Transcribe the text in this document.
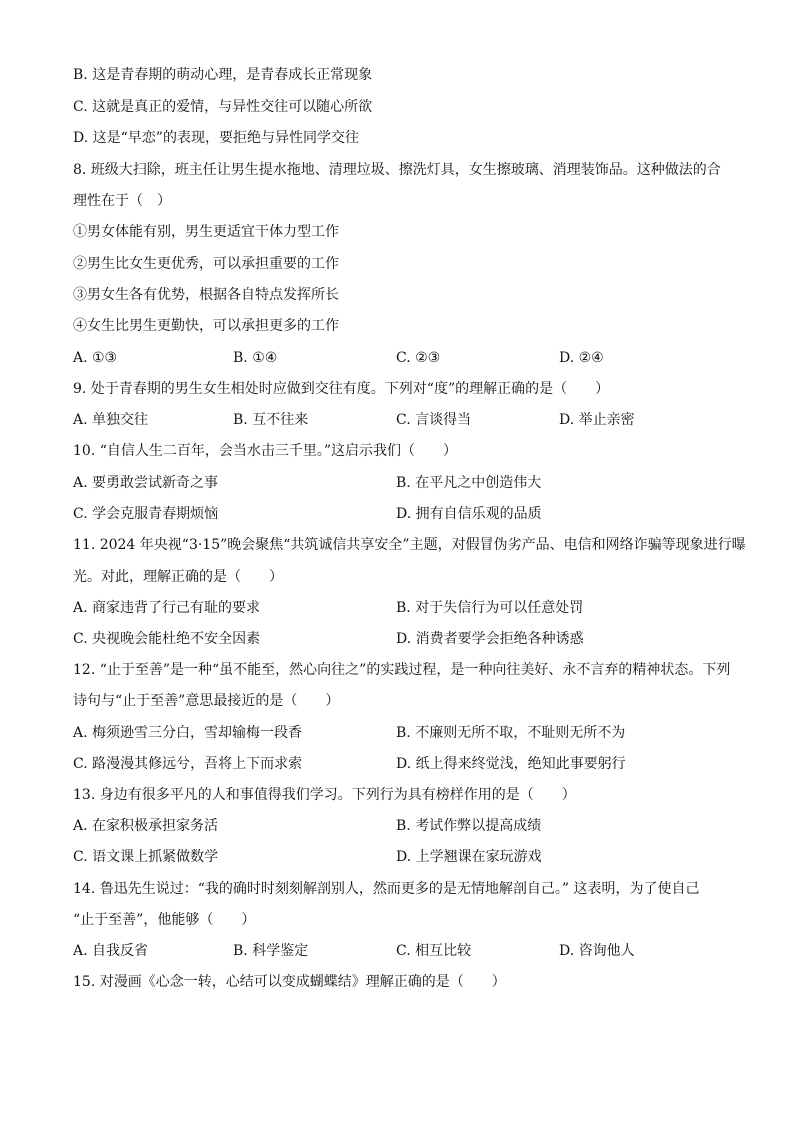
B. 这是青春期的萌动心理，是青春成长正常现象
C. 这就是真正的爱情，与异性交往可以随心所欲
D. 这是“早恋”的表现，要拒绝与异性同学交往
8. 班级大扫除，班主任让男生提水拖地、清理垃圾、擦洗灯具，女生擦玻璃、消理装饰品。这种做法的合
理性在于（　）
①男女体能有别，男生更适宜干体力型工作
②男生比女生更优秀，可以承担重要的工作
③男女生各有优势，根据各自特点发挥所长
④女生比男生更勤快，可以承担更多的工作
A. ①③	B. ①④	C. ②③	D. ②④
9. 处于青春期的男生女生相处时应做到交往有度。下列对“度”的理解正确的是（　　）
A. 单独交往	B. 互不往来	C. 言谈得当	D. 举止亲密
10. “自信人生二百年，会当水击三千里。”这启示我们（　　）
A. 要勇敢尝试新奇之事	B. 在平凡之中创造伟大
C. 学会克服青春期烦恼	D. 拥有自信乐观的品质
11. 2024 年央视“3·15”晚会聚焦“共筑诚信共享安全”主题，对假冒伪劣产品、电信和网络诈骗等现象进行曝
光。对此，理解正确的是（　　）
A. 商家违背了行己有耻的要求	B. 对于失信行为可以任意处罚
C. 央视晚会能杜绝不安全因素	D. 消费者要学会拒绝各种诱惑
12. “止于至善”是一种“虽不能至，然心向往之”的实践过程，是一种向往美好、永不言弃的精神状态。下列
诗句与“止于至善”意思最接近的是（　　）
A. 梅须逊雪三分白，雪却输梅一段香	B. 不廉则无所不取，不耻则无所不为
C. 路漫漫其修远兮，吾将上下而求索	D. 纸上得来终觉浅，绝知此事要躬行
13. 身边有很多平凡的人和事值得我们学习。下列行为具有榜样作用的是（　　）
A. 在家积极承担家务活	B. 考试作弊以提高成绩
C. 语文课上抓紧做数学	D. 上学翘课在家玩游戏
14. 鲁迅先生说过：“我的确时时刻刻解剖别人，然而更多的是无情地解剖自己。” 这表明，为了使自己
“止于至善”，他能够（　　）
A. 自我反省	B. 科学鉴定	C. 相互比较	D. 咨询他人
15. 对漫画《心念一转，心结可以变成蝴蝶结》理解正确的是（　　）
